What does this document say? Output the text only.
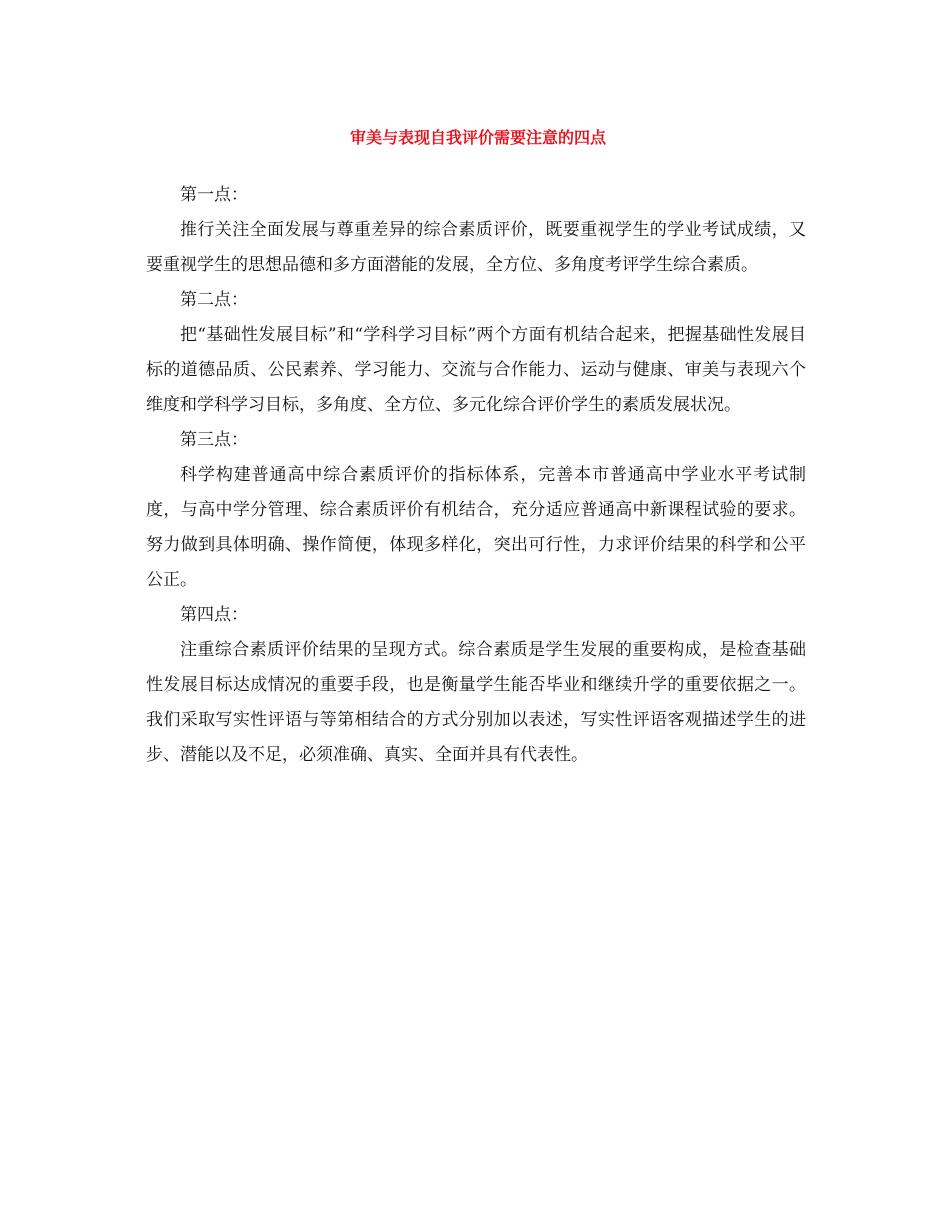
审美与表现自我评价需要注意的四点

第一点：

推行关注全面发展与尊重差异的综合素质评价，既要重视学生的学业考试成绩，又要重视学生的思想品德和多方面潜能的发展，全方位、多角度考评学生综合素质。

第二点：

把“基础性发展目标”和“学科学习目标”两个方面有机结合起来，把握基础性发展目标的道德品质、公民素养、学习能力、交流与合作能力、运动与健康、审美与表现六个维度和学科学习目标，多角度、全方位、多元化综合评价学生的素质发展状况。

第三点：

科学构建普通高中综合素质评价的指标体系，完善本市普通高中学业水平考试制度，与高中学分管理、综合素质评价有机结合，充分适应普通高中新课程试验的要求。努力做到具体明确、操作简便，体现多样化，突出可行性，力求评价结果的科学和公平公正。

第四点：

注重综合素质评价结果的呈现方式。综合素质是学生发展的重要构成，是检查基础性发展目标达成情况的重要手段，也是衡量学生能否毕业和继续升学的重要依据之一。我们采取写实性评语与等第相结合的方式分别加以表述，写实性评语客观描述学生的进步、潜能以及不足，必须准确、真实、全面并具有代表性。
